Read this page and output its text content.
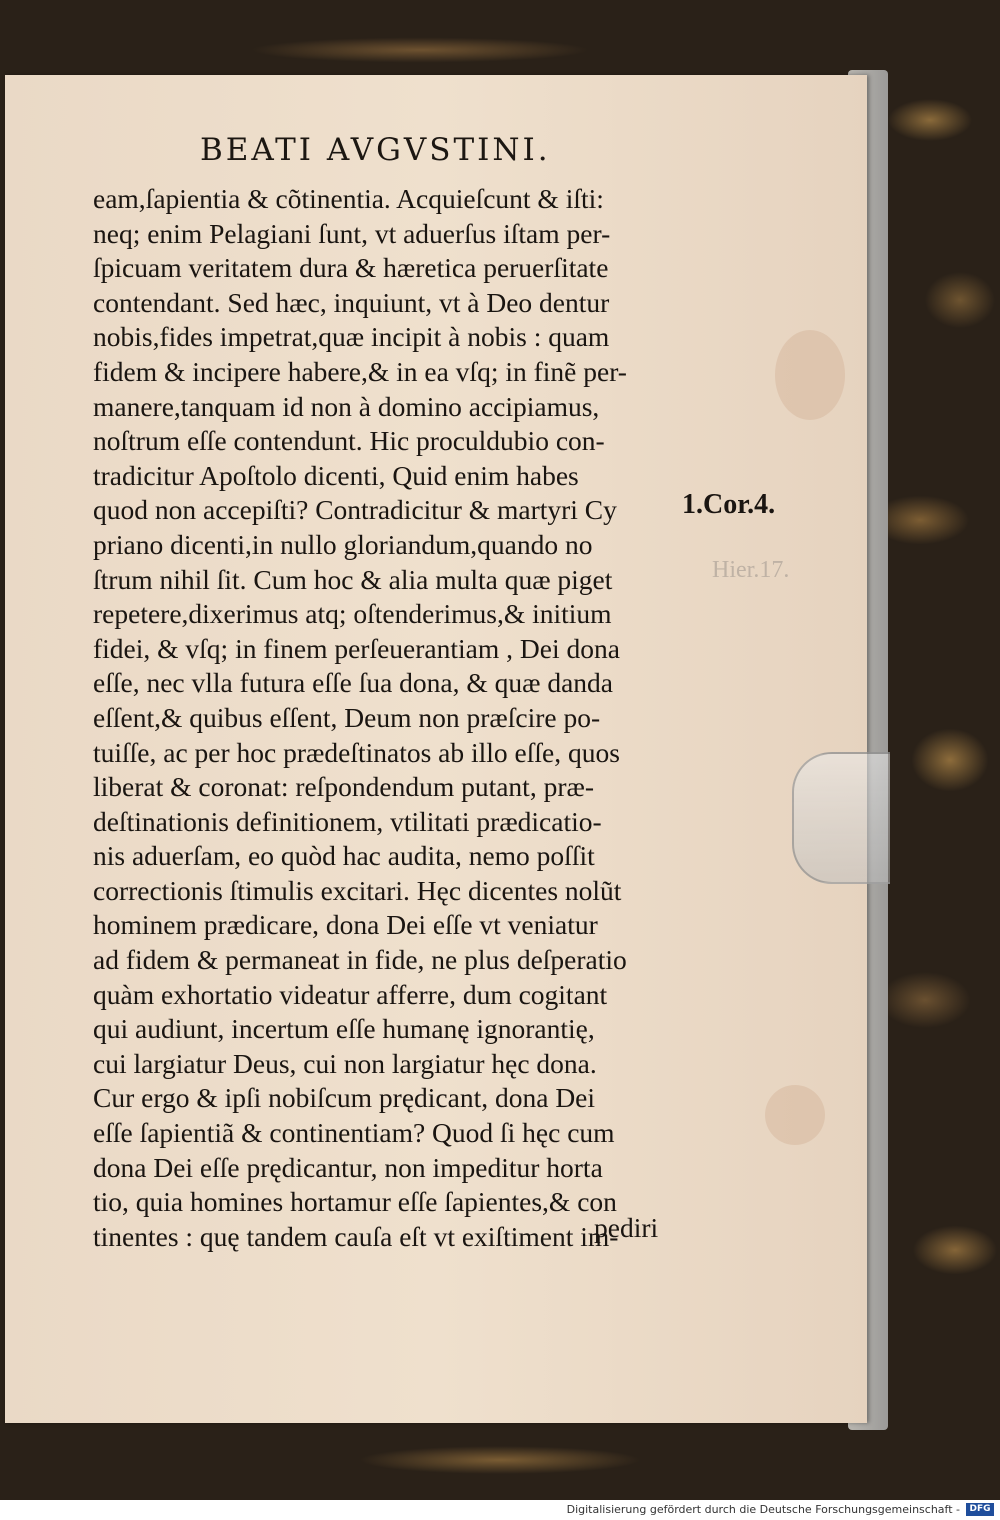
BEATI AVGVSTINI.
eam,ſapientia & cõtinentia. Acquieſcunt & iſti:
neq; enim Pelagiani ſunt, vt aduerſus iſtam per-
ſpicuam veritatem dura & hæretica peruerſitate
contendant. Sed hæc, inquiunt, vt à Deo dentur
nobis,fides impetrat,quæ incipit à nobis : quam
fidem & incipere habere,& in ea vſq; in finẽ per-
manere,tanquam id non à domino accipiamus,
noſtrum eſſe contendunt. Hic proculdubio con-
tradicitur Apoſtolo dicenti, Quid enim habes
quod non accepiſti? Contradicitur & martyri Cy
priano dicenti,in nullo gloriandum,quando no
ſtrum nihil ſit. Cum hoc & alia multa quæ piget
repetere,dixerimus atq; oſtenderimus,& initium
fidei, & vſq; in finem perſeuerantiam , Dei dona
eſſe, nec vlla futura eſſe ſua dona, & quæ danda
eſſent,& quibus eſſent, Deum non præſcire po-
tuiſſe, ac per hoc prædeſtinatos ab illo eſſe, quos
liberat & coronat: reſpondendum putant, præ-
deſtinationis definitionem, vtilitati prædicatio-
nis aduerſam, eo quòd hac audita, nemo poſſit
correctionis ſtimulis excitari. Hęc dicentes nolũt
hominem prædicare, dona Dei eſſe vt veniatur
ad fidem & permaneat in fide, ne plus deſperatio
quàm exhortatio videatur afferre, dum cogitant
qui audiunt, incertum eſſe humanę ignorantię,
cui largiatur Deus, cui non largiatur hęc dona.
Cur ergo & ipſi nobiſcum prędicant, dona Dei
eſſe ſapientiã & continentiam? Quod ſi hęc cum
dona Dei eſſe prędicantur, non impeditur horta
tio, quia homines hortamur eſſe ſapientes,& con
tinentes : quę tandem cauſa eſt vt exiſtiment im-
pediri
1.Cor.4.
Hier.17.
Digitalisierung gefördert durch die Deutsche Forschungsgemeinschaft -	DFG
